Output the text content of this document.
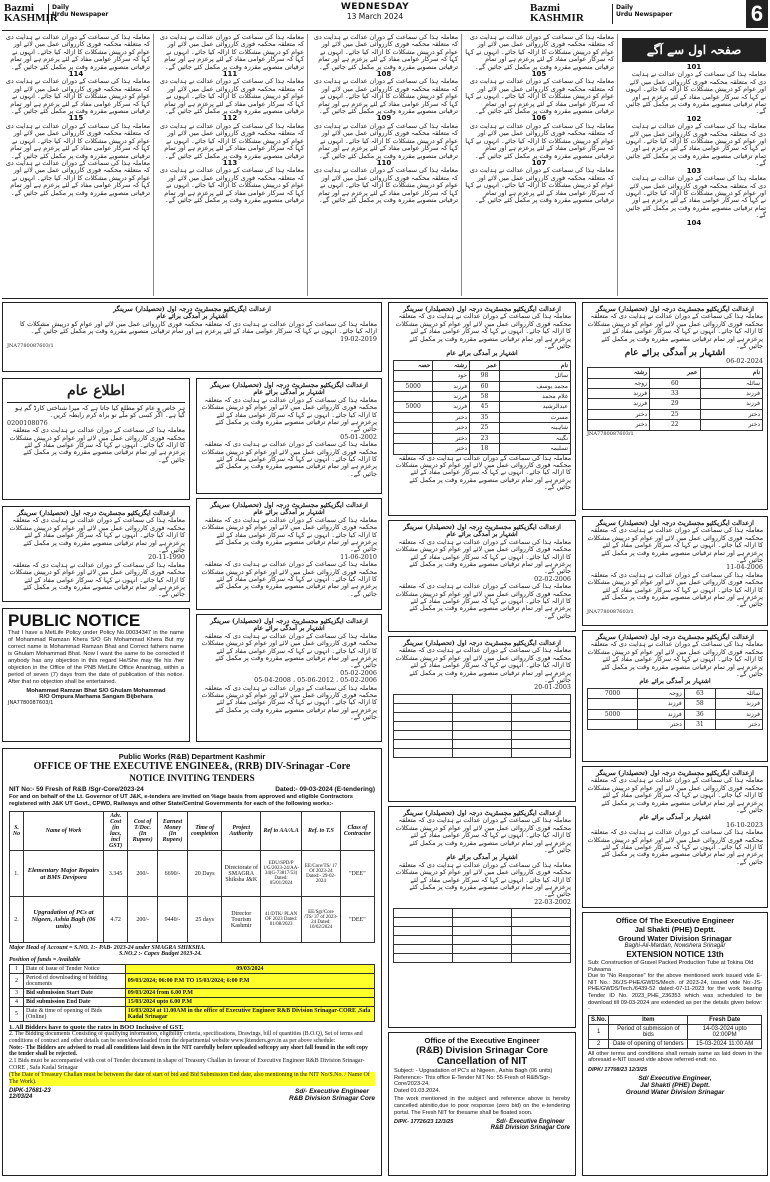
Bazmi
KASHMIR
Daily
Urdu Newspaper
WEDNESDAY
13 March 2024
Bazmi
KASHMIR
Daily
Urdu Newspaper	6
معاملہ ہذا کی سماعت کے دوران عدالت نے ہدایت دی کہ متعلقہ محکمہ فوری کارروائی عمل میں لائے اور عوام کو درپیش مشکلات کا ازالہ کیا جائے۔ انہوں نے کہا کہ سرکار عوامی مفاد کے لئے پرعزم ہے اور تمام ترقیاتی منصوبے مقررہ وقت پر مکمل کئے جائیں گے۔
114
معاملہ ہذا کی سماعت کے دوران عدالت نے ہدایت دی کہ متعلقہ محکمہ فوری کارروائی عمل میں لائے اور عوام کو درپیش مشکلات کا ازالہ کیا جائے۔ انہوں نے کہا کہ سرکار عوامی مفاد کے لئے پرعزم ہے اور تمام ترقیاتی منصوبے مقررہ وقت پر مکمل کئے جائیں گے۔
115
معاملہ ہذا کی سماعت کے دوران عدالت نے ہدایت دی کہ متعلقہ محکمہ فوری کارروائی عمل میں لائے اور عوام کو درپیش مشکلات کا ازالہ کیا جائے۔ انہوں نے کہا کہ سرکار عوامی مفاد کے لئے پرعزم ہے اور تمام ترقیاتی منصوبے مقررہ وقت پر مکمل کئے جائیں گے۔
معاملہ ہذا کی سماعت کے دوران عدالت نے ہدایت دی کہ متعلقہ محکمہ فوری کارروائی عمل میں لائے اور عوام کو درپیش مشکلات کا ازالہ کیا جائے۔ انہوں نے کہا کہ سرکار عوامی مفاد کے لئے پرعزم ہے اور تمام ترقیاتی منصوبے مقررہ وقت پر مکمل کئے جائیں گے۔
معاملہ ہذا کی سماعت کے دوران عدالت نے ہدایت دی کہ متعلقہ محکمہ فوری کارروائی عمل میں لائے اور عوام کو درپیش مشکلات کا ازالہ کیا جائے۔ انہوں نے کہا کہ سرکار عوامی مفاد کے لئے پرعزم ہے اور تمام ترقیاتی منصوبے مقررہ وقت پر مکمل کئے جائیں گے۔
111
معاملہ ہذا کی سماعت کے دوران عدالت نے ہدایت دی کہ متعلقہ محکمہ فوری کارروائی عمل میں لائے اور عوام کو درپیش مشکلات کا ازالہ کیا جائے۔ انہوں نے کہا کہ سرکار عوامی مفاد کے لئے پرعزم ہے اور تمام ترقیاتی منصوبے مقررہ وقت پر مکمل کئے جائیں گے۔
112
معاملہ ہذا کی سماعت کے دوران عدالت نے ہدایت دی کہ متعلقہ محکمہ فوری کارروائی عمل میں لائے اور عوام کو درپیش مشکلات کا ازالہ کیا جائے۔ انہوں نے کہا کہ سرکار عوامی مفاد کے لئے پرعزم ہے اور تمام ترقیاتی منصوبے مقررہ وقت پر مکمل کئے جائیں گے۔
113
معاملہ ہذا کی سماعت کے دوران عدالت نے ہدایت دی کہ متعلقہ محکمہ فوری کارروائی عمل میں لائے اور عوام کو درپیش مشکلات کا ازالہ کیا جائے۔ انہوں نے کہا کہ سرکار عوامی مفاد کے لئے پرعزم ہے اور تمام ترقیاتی منصوبے مقررہ وقت پر مکمل کئے جائیں گے۔
معاملہ ہذا کی سماعت کے دوران عدالت نے ہدایت دی کہ متعلقہ محکمہ فوری کارروائی عمل میں لائے اور عوام کو درپیش مشکلات کا ازالہ کیا جائے۔ انہوں نے کہا کہ سرکار عوامی مفاد کے لئے پرعزم ہے اور تمام ترقیاتی منصوبے مقررہ وقت پر مکمل کئے جائیں گے۔
108
معاملہ ہذا کی سماعت کے دوران عدالت نے ہدایت دی کہ متعلقہ محکمہ فوری کارروائی عمل میں لائے اور عوام کو درپیش مشکلات کا ازالہ کیا جائے۔ انہوں نے کہا کہ سرکار عوامی مفاد کے لئے پرعزم ہے اور تمام ترقیاتی منصوبے مقررہ وقت پر مکمل کئے جائیں گے۔
109
معاملہ ہذا کی سماعت کے دوران عدالت نے ہدایت دی کہ متعلقہ محکمہ فوری کارروائی عمل میں لائے اور عوام کو درپیش مشکلات کا ازالہ کیا جائے۔ انہوں نے کہا کہ سرکار عوامی مفاد کے لئے پرعزم ہے اور تمام ترقیاتی منصوبے مقررہ وقت پر مکمل کئے جائیں گے۔
110
معاملہ ہذا کی سماعت کے دوران عدالت نے ہدایت دی کہ متعلقہ محکمہ فوری کارروائی عمل میں لائے اور عوام کو درپیش مشکلات کا ازالہ کیا جائے۔ انہوں نے کہا کہ سرکار عوامی مفاد کے لئے پرعزم ہے اور تمام ترقیاتی منصوبے مقررہ وقت پر مکمل کئے جائیں گے۔
معاملہ ہذا کی سماعت کے دوران عدالت نے ہدایت دی کہ متعلقہ محکمہ فوری کارروائی عمل میں لائے اور عوام کو درپیش مشکلات کا ازالہ کیا جائے۔ انہوں نے کہا کہ سرکار عوامی مفاد کے لئے پرعزم ہے اور تمام ترقیاتی منصوبے مقررہ وقت پر مکمل کئے جائیں گے۔
105
معاملہ ہذا کی سماعت کے دوران عدالت نے ہدایت دی کہ متعلقہ محکمہ فوری کارروائی عمل میں لائے اور عوام کو درپیش مشکلات کا ازالہ کیا جائے۔ انہوں نے کہا کہ سرکار عوامی مفاد کے لئے پرعزم ہے اور تمام ترقیاتی منصوبے مقررہ وقت پر مکمل کئے جائیں گے۔
106
معاملہ ہذا کی سماعت کے دوران عدالت نے ہدایت دی کہ متعلقہ محکمہ فوری کارروائی عمل میں لائے اور عوام کو درپیش مشکلات کا ازالہ کیا جائے۔ انہوں نے کہا کہ سرکار عوامی مفاد کے لئے پرعزم ہے اور تمام ترقیاتی منصوبے مقررہ وقت پر مکمل کئے جائیں گے۔
107
معاملہ ہذا کی سماعت کے دوران عدالت نے ہدایت دی کہ متعلقہ محکمہ فوری کارروائی عمل میں لائے اور عوام کو درپیش مشکلات کا ازالہ کیا جائے۔ انہوں نے کہا کہ سرکار عوامی مفاد کے لئے پرعزم ہے اور تمام ترقیاتی منصوبے مقررہ وقت پر مکمل کئے جائیں گے۔
صفحہ اول سے آگے
101
معاملہ ہذا کی سماعت کے دوران عدالت نے ہدایت دی کہ متعلقہ محکمہ فوری کارروائی عمل میں لائے اور عوام کو درپیش مشکلات کا ازالہ کیا جائے۔ انہوں نے کہا کہ سرکار عوامی مفاد کے لئے پرعزم ہے اور تمام ترقیاتی منصوبے مقررہ وقت پر مکمل کئے جائیں گے۔
102
معاملہ ہذا کی سماعت کے دوران عدالت نے ہدایت دی کہ متعلقہ محکمہ فوری کارروائی عمل میں لائے اور عوام کو درپیش مشکلات کا ازالہ کیا جائے۔ انہوں نے کہا کہ سرکار عوامی مفاد کے لئے پرعزم ہے اور تمام ترقیاتی منصوبے مقررہ وقت پر مکمل کئے جائیں گے۔
103
معاملہ ہذا کی سماعت کے دوران عدالت نے ہدایت دی کہ متعلقہ محکمہ فوری کارروائی عمل میں لائے اور عوام کو درپیش مشکلات کا ازالہ کیا جائے۔ انہوں نے کہا کہ سرکار عوامی مفاد کے لئے پرعزم ہے اور تمام ترقیاتی منصوبے مقررہ وقت پر مکمل کئے جائیں گے۔
104
ازعدالت ایگزیکٹیو مجسٹریٹ درجہ اول (تحصیلدار) سرینگر
اشتہار بر آمدگی برائے عام
معاملہ ہذا کی سماعت کے دوران عدالت نے ہدایت دی کہ متعلقہ محکمہ فوری کارروائی عمل میں لائے اور عوام کو درپیش مشکلات کا ازالہ کیا جائے۔ انہوں نے کہا کہ سرکار عوامی مفاد کے لئے پرعزم ہے اور تمام ترقیاتی منصوبے مقررہ وقت پر مکمل کئے جائیں گے۔
19-02-2019
JNA7780087603/1
اطلاع عام
ہر خاص و عام کو مطلع کیا جاتا ہے کہ میرا شناختی کارڈ گم ہو گیا ہے۔ اگر کسی کو ملے تو براہ کرم رابطہ کریں۔
0200108076
معاملہ ہذا کی سماعت کے دوران عدالت نے ہدایت دی کہ متعلقہ محکمہ فوری کارروائی عمل میں لائے اور عوام کو درپیش مشکلات کا ازالہ کیا جائے۔ انہوں نے کہا کہ سرکار عوامی مفاد کے لئے پرعزم ہے اور تمام ترقیاتی منصوبے مقررہ وقت پر مکمل کئے جائیں گے۔
ازعدالت ایگزیکٹیو مجسٹریٹ درجہ اول (تحصیلدار) سرینگر
اشتہار بر آمدگی برائے عام
معاملہ ہذا کی سماعت کے دوران عدالت نے ہدایت دی کہ متعلقہ محکمہ فوری کارروائی عمل میں لائے اور عوام کو درپیش مشکلات کا ازالہ کیا جائے۔ انہوں نے کہا کہ سرکار عوامی مفاد کے لئے پرعزم ہے اور تمام ترقیاتی منصوبے مقررہ وقت پر مکمل کئے جائیں گے۔
05-01-2002
معاملہ ہذا کی سماعت کے دوران عدالت نے ہدایت دی کہ متعلقہ محکمہ فوری کارروائی عمل میں لائے اور عوام کو درپیش مشکلات کا ازالہ کیا جائے۔ انہوں نے کہا کہ سرکار عوامی مفاد کے لئے پرعزم ہے اور تمام ترقیاتی منصوبے مقررہ وقت پر مکمل کئے جائیں گے۔
ازعدالت ایگزیکٹیو مجسٹریٹ درجہ اول (تحصیلدار) سرینگر
معاملہ ہذا کی سماعت کے دوران عدالت نے ہدایت دی کہ متعلقہ محکمہ فوری کارروائی عمل میں لائے اور عوام کو درپیش مشکلات کا ازالہ کیا جائے۔ انہوں نے کہا کہ سرکار عوامی مفاد کے لئے پرعزم ہے اور تمام ترقیاتی منصوبے مقررہ وقت پر مکمل کئے جائیں گے۔
20-11-1990
معاملہ ہذا کی سماعت کے دوران عدالت نے ہدایت دی کہ متعلقہ محکمہ فوری کارروائی عمل میں لائے اور عوام کو درپیش مشکلات کا ازالہ کیا جائے۔ انہوں نے کہا کہ سرکار عوامی مفاد کے لئے پرعزم ہے اور تمام ترقیاتی منصوبے مقررہ وقت پر مکمل کئے جائیں گے۔
ازعدالت ایگزیکٹیو مجسٹریٹ درجہ اول (تحصیلدار) سرینگر
اشتہار بر آمدگی برائے عام
معاملہ ہذا کی سماعت کے دوران عدالت نے ہدایت دی کہ متعلقہ محکمہ فوری کارروائی عمل میں لائے اور عوام کو درپیش مشکلات کا ازالہ کیا جائے۔ انہوں نے کہا کہ سرکار عوامی مفاد کے لئے پرعزم ہے اور تمام ترقیاتی منصوبے مقررہ وقت پر مکمل کئے جائیں گے۔
11-06-2010
معاملہ ہذا کی سماعت کے دوران عدالت نے ہدایت دی کہ متعلقہ محکمہ فوری کارروائی عمل میں لائے اور عوام کو درپیش مشکلات کا ازالہ کیا جائے۔ انہوں نے کہا کہ سرکار عوامی مفاد کے لئے پرعزم ہے اور تمام ترقیاتی منصوبے مقررہ وقت پر مکمل کئے جائیں گے۔
PUBLIC NOTICE
That I have a MetLife Policy under Policy No.00034347 in the name of Mohammad Ramzan Khera S/O Gh Mohammad Khera But my correct name is Mohammad Ramzan Bhat and Correct fathers name is Ghulam Mohammad Bhat. Now I want the same to be corrected if anybody has any objection in this regard He/She may file his /her objection in the Office of the PNB MetLife Office Anantnag, within a period of seven (7) days from the date of publication of this notice. After that no objection shall be entertained.
Mohammad Ramzan Bhat S/O Ghulam Mohammad
R/O Ompura Marhama Sangam Bijbehara
JNA7780087603/1
ازعدالت ایگزیکٹیو مجسٹریٹ درجہ اول (تحصیلدار) سرینگر
اشتہار بر آمدگی برائے عام
معاملہ ہذا کی سماعت کے دوران عدالت نے ہدایت دی کہ متعلقہ محکمہ فوری کارروائی عمل میں لائے اور عوام کو درپیش مشکلات کا ازالہ کیا جائے۔ انہوں نے کہا کہ سرکار عوامی مفاد کے لئے پرعزم ہے اور تمام ترقیاتی منصوبے مقررہ وقت پر مکمل کئے جائیں گے۔
05-02-2006
05-02-2006 ، 05-06-2012 ، 05-04-2008
معاملہ ہذا کی سماعت کے دوران عدالت نے ہدایت دی کہ متعلقہ محکمہ فوری کارروائی عمل میں لائے اور عوام کو درپیش مشکلات کا ازالہ کیا جائے۔ انہوں نے کہا کہ سرکار عوامی مفاد کے لئے پرعزم ہے اور تمام ترقیاتی منصوبے مقررہ وقت پر مکمل کئے جائیں گے۔
ازعدالت ایگزیکٹیو مجسٹریٹ درجہ اول (تحصیلدار) سرینگر
معاملہ ہذا کی سماعت کے دوران عدالت نے ہدایت دی کہ متعلقہ محکمہ فوری کارروائی عمل میں لائے اور عوام کو درپیش مشکلات کا ازالہ کیا جائے۔ انہوں نے کہا کہ سرکار عوامی مفاد کے لئے پرعزم ہے اور تمام ترقیاتی منصوبے مقررہ وقت پر مکمل کئے جائیں گے۔
اشتہار بر آمدگی برائے عام
نام	عمر	رشتہ	حصہ
سائل	98	خود	
محمد یوسف	60	فرزند	5000
غلام محمد	58	فرزند	
عبدالرشید	45	فرزند	5000
مسرت	35	دختر	
شاہینہ	25	دختر	
نگینہ	23	دختر	
تسلیمہ	18	دختر	
معاملہ ہذا کی سماعت کے دوران عدالت نے ہدایت دی کہ متعلقہ محکمہ فوری کارروائی عمل میں لائے اور عوام کو درپیش مشکلات کا ازالہ کیا جائے۔ انہوں نے کہا کہ سرکار عوامی مفاد کے لئے پرعزم ہے اور تمام ترقیاتی منصوبے مقررہ وقت پر مکمل کئے جائیں گے۔
ازعدالت ایگزیکٹیو مجسٹریٹ درجہ اول (تحصیلدار) سرینگر
اشتہار بر آمدگی برائے عام
معاملہ ہذا کی سماعت کے دوران عدالت نے ہدایت دی کہ متعلقہ محکمہ فوری کارروائی عمل میں لائے اور عوام کو درپیش مشکلات کا ازالہ کیا جائے۔ انہوں نے کہا کہ سرکار عوامی مفاد کے لئے پرعزم ہے اور تمام ترقیاتی منصوبے مقررہ وقت پر مکمل کئے جائیں گے۔
02-02-2006
معاملہ ہذا کی سماعت کے دوران عدالت نے ہدایت دی کہ متعلقہ محکمہ فوری کارروائی عمل میں لائے اور عوام کو درپیش مشکلات کا ازالہ کیا جائے۔ انہوں نے کہا کہ سرکار عوامی مفاد کے لئے پرعزم ہے اور تمام ترقیاتی منصوبے مقررہ وقت پر مکمل کئے جائیں گے۔
ازعدالت ایگزیکٹیو مجسٹریٹ درجہ اول (تحصیلدار) سرینگر
معاملہ ہذا کی سماعت کے دوران عدالت نے ہدایت دی کہ متعلقہ محکمہ فوری کارروائی عمل میں لائے اور عوام کو درپیش مشکلات کا ازالہ کیا جائے۔ انہوں نے کہا کہ سرکار عوامی مفاد کے لئے پرعزم ہے اور تمام ترقیاتی منصوبے مقررہ وقت پر مکمل کئے جائیں گے۔
20-01-2003

ازعدالت ایگزیکٹیو مجسٹریٹ درجہ اول (تحصیلدار) سرینگر
معاملہ ہذا کی سماعت کے دوران عدالت نے ہدایت دی کہ متعلقہ محکمہ فوری کارروائی عمل میں لائے اور عوام کو درپیش مشکلات کا ازالہ کیا جائے۔ انہوں نے کہا کہ سرکار عوامی مفاد کے لئے پرعزم ہے اور تمام ترقیاتی منصوبے مقررہ وقت پر مکمل کئے جائیں گے۔
اشتہار بر آمدگی برائے عام
معاملہ ہذا کی سماعت کے دوران عدالت نے ہدایت دی کہ متعلقہ محکمہ فوری کارروائی عمل میں لائے اور عوام کو درپیش مشکلات کا ازالہ کیا جائے۔ انہوں نے کہا کہ سرکار عوامی مفاد کے لئے پرعزم ہے اور تمام ترقیاتی منصوبے مقررہ وقت پر مکمل کئے جائیں گے۔
22-03-2002

ازعدالت ایگزیکٹیو مجسٹریٹ درجہ اول (تحصیلدار) سرینگر
معاملہ ہذا کی سماعت کے دوران عدالت نے ہدایت دی کہ متعلقہ محکمہ فوری کارروائی عمل میں لائے اور عوام کو درپیش مشکلات کا ازالہ کیا جائے۔ انہوں نے کہا کہ سرکار عوامی مفاد کے لئے پرعزم ہے اور تمام ترقیاتی منصوبے مقررہ وقت پر مکمل کئے جائیں گے۔
اشتہار بر آمدگی برائے عام
06-02-2024
نام	عمر	رشتہ
سائلہ	60	زوجہ
فرزند	33	فرزند
فرزند	29	فرزند
دختر	25	دختر
دختر	22	دختر
JNA7780087603/1
ازعدالت ایگزیکٹیو مجسٹریٹ درجہ اول (تحصیلدار) سرینگر
معاملہ ہذا کی سماعت کے دوران عدالت نے ہدایت دی کہ متعلقہ محکمہ فوری کارروائی عمل میں لائے اور عوام کو درپیش مشکلات کا ازالہ کیا جائے۔ انہوں نے کہا کہ سرکار عوامی مفاد کے لئے پرعزم ہے اور تمام ترقیاتی منصوبے مقررہ وقت پر مکمل کئے جائیں گے۔
11-04-2006
معاملہ ہذا کی سماعت کے دوران عدالت نے ہدایت دی کہ متعلقہ محکمہ فوری کارروائی عمل میں لائے اور عوام کو درپیش مشکلات کا ازالہ کیا جائے۔ انہوں نے کہا کہ سرکار عوامی مفاد کے لئے پرعزم ہے اور تمام ترقیاتی منصوبے مقررہ وقت پر مکمل کئے جائیں گے۔
JNA7780087603/1
ازعدالت ایگزیکٹیو مجسٹریٹ درجہ اول (تحصیلدار) سرینگر
معاملہ ہذا کی سماعت کے دوران عدالت نے ہدایت دی کہ متعلقہ محکمہ فوری کارروائی عمل میں لائے اور عوام کو درپیش مشکلات کا ازالہ کیا جائے۔ انہوں نے کہا کہ سرکار عوامی مفاد کے لئے پرعزم ہے اور تمام ترقیاتی منصوبے مقررہ وقت پر مکمل کئے جائیں گے۔
اشتہار بر آمدگی برائے عام
سائلہ	63	زوجہ	7000
فرزند	58	فرزند	
فرزند	36	فرزند	5000
دختر	31	دختر	
ازعدالت ایگزیکٹیو مجسٹریٹ درجہ اول (تحصیلدار) سرینگر
معاملہ ہذا کی سماعت کے دوران عدالت نے ہدایت دی کہ متعلقہ محکمہ فوری کارروائی عمل میں لائے اور عوام کو درپیش مشکلات کا ازالہ کیا جائے۔ انہوں نے کہا کہ سرکار عوامی مفاد کے لئے پرعزم ہے اور تمام ترقیاتی منصوبے مقررہ وقت پر مکمل کئے جائیں گے۔
اشتہار بر آمدگی برائے عام
16-10-2023
معاملہ ہذا کی سماعت کے دوران عدالت نے ہدایت دی کہ متعلقہ محکمہ فوری کارروائی عمل میں لائے اور عوام کو درپیش مشکلات کا ازالہ کیا جائے۔ انہوں نے کہا کہ سرکار عوامی مفاد کے لئے پرعزم ہے اور تمام ترقیاتی منصوبے مقررہ وقت پر مکمل کئے جائیں گے۔
Public Works (R&B) Department Kashmir
OFFICE OF THE EXECUTIVE ENGINEE&, (RRB) DIV-Srinagar -Core
NOTICE INVITING TENDERS
NIT No:- 59 Fresh of R&B /Sgr-Core/2023-24	Dated:- 09-03-2024 (E-tendering)
For and on behalf of the Lt. Governor of UT J&K, e-tenders are invited on %age basis from approved and eligible Contractors registered with J&K UT Govt., CPWD, Railways and other State/Central Governments for each of the following works:-
S. No	Name of Work	Adv. Cost (in lacs, incl GST)	Cost of T/Doc. (In Rupees)	Earnest Money (In Rupees)	Time of completion	Project Authority	Ref to AA/A.A	Ref. to T.S	Class of Contractor
1.	Elementary Major Repairs at BMS Devipora	3.345	200/-	6690/-	20 Days	Directorate of SMAGRA Shiksha J&K	EDU/SPD/P 1/G/2023-24/AA-34(G-73817/53) Dated: 05/01/2024	EE/Core/TS/ 17 Of 2023-24 Dated:- 29-02-2024	"DEE"
2.	Upgradation of PCs at Nigeen, Ashia Bagh (06 units)	4.72	200/-	9440/-	25 days	Director Tourism Kashmir	41/DTK/ PLAN OF 2023 Dated: 01/08/2023	EE/Sgr/Core /TS/ 37 of 2023-24 Dated: 10/02/2024	"DEE"
Major Head of Account = S.NO. 1:- PAB- 2023-24 under SMAGRA SHIKSHA.
S.NO.2 :- Capex Budget 2023-24.
Position of funds = Available
1	Date of Issue of Tender Notice	09/03/2024
2	Period of downloading of bidding documents	09/03/2024; 06:00 P.M TO 15/03/2024; 6:00 P.M
3	Bid submission Start Date	09/03/2024 from 6.00 P.M
4	Bid submission End Date	15/03/2024 upto 6.00 P.M
5	Date & time of opening of Bids (Online)	16/03/2024 at 11.00AM in the office of Executive Engineer R&B Division Srinagar-CORE ,Safa Kadal Srinagar
1. All Bidders have to quote the rates in BOO Inclusive of GST.
2. The Bidding documents Consisting of qualifying information, eligibility criteria, specifications, Drawings, bill of quantities (B.O.Q), Set of terms and conditions of contract and other details can be seen/downloaded from the departmental website www.jktenders.gov.in as per above schedule:
Note:- The Bidders are advised to read all conditions laid down in the NIT carefully before uploaded softcopy any short fall found in the soft copy the tender shall be rejected.
2.1 Bids must be accompanied with cost of Tender document in shape of Treasury Challan in favour of Executive Engineer R&B Division Srinagar-CORE , Safa Kadal Srinagar
(The Date of Treasury Challan must be between the date of start of bid and Bid Submission End date, also mentioning in the NIT No/S.No. / Name Of The Work).
DIPK-17681-23
12/03/24
Sd/- Executive Engineer
R&B Division Srinagar Core
Office of the Executive Engineer
(R&B) Division Srinagar Core
Cancellation of NIT
Subject: - Upgradation of PC's at Nigeen , Ashia Bagh (06 units)
Reference:- This office E-Tender NIT No: 55 Fresh of R&B/Sgr-Core/2023-24.
Dated 01.03.2024.
The work mentioned in the subject and reference above is hereby cancelled abinitio,due to poor response (zero bid) on the e-tendering portal. The Fresh NIT for thesame shall be floated soon.
DIPK- 17726/23 12/3/25	Sd/- Executive Engineer
R&B Division Srinagar Core
Office Of The Executive Engineer
Jal Shakti (PHE) Deptt.
Ground Water Division Srinagar
Baghi-Ali-Mardan, Nowshera Srinagar
EXTENSION NOTICE 13th
Sub: Construction of Gravel Packed Production Tube at Tokina Old Pulwama
Due to "No Response" for the above mentioned work issued vide E- NIT No.: 36/JS-PHE/GWDS/Mech. of 2023-24, issued vide No:-JS-PHE/GWDS/Tech./6439-52 dated:-07-11-2023 for the work bearing Tender ID No. 2023_PHE_236353 which was scheduled to be download till 09-03-2024 are extended as per the details given below: -
S.No.	Item	Fresh Date
1	Period of submission of bids	14-03-2024 upto 02:00PM
2	Date of opening of tenders	15-03-2024 11:00 AM
All other terms and conditions shall remain same as laid down in the aforesaid e-NIT issued vide above referred endt: no.
DIPK/ 17708/23 12/3/25
Sd/ Executive Engineer,
Jal Shakti (PHE) Deptt.
Ground Water Division Srinagar
